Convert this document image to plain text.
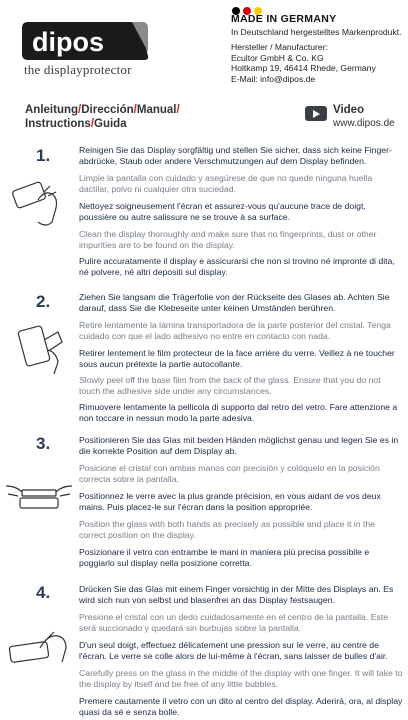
dipos
the displayprotector
MADE IN GERMANY
In Deutschland hergestelltes Markenprodukt.
Hersteller / Manufacturer:
Ecultor GmbH & Co. KG
Holtkamp 19, 46414 Rhede, Germany
E-Mail: info@dipos.de
Anleitung/Dirección/Manual/
Instructions/Guida
Video
www.dipos.de
1.	Reinigen Sie das Display sorgfältig und stellen Sie sicher, dass sich keine Finger-abdrücke, Staub oder andere Verschmutzungen auf dem Display befinden.
Limpie la pantalla con cuidado y asegúrese de que no quede ninguna huella dactilar, polvo ni cualquier otra suciedad.
Nettoyez soigneusement l'écran et assurez-vous qu'aucune trace de doigt, poussière ou autre salissure ne se trouve à sa surface.
Clean the display thoroughly and make sure that no fingerprints, dust or other impurities are to be found on the display.
Pulire accuratamente il display e assicurarsi che non si trovino né impronte di dita, né polvere, né altri depositi sul display.
2.	Ziehen Sie langsam die Trägerfolie von der Rückseite des Glases ab. Achten Sie darauf, dass Sie die Klebeseite unter keinen Umständen berühren.
Retire lentamente la lámina transportadora de la parte posterior del cristal. Tenga cuidado con que el lado adhesivo no entre en contacto con nada.
Retirer lentement le film protecteur de la face arrière du verre. Veillez à ne toucher sous aucun prétexte la partie autocollante.
Slowly peel off the base film from the back of the glass. Ensure that you do not touch the adhesive side under any circumstances.
Rimuovere lentamente la pellicola di supporto dal retro del vetro. Fare attenzione a non toccare in nessun modo la parte adesiva.
3.	Positionieren Sie das Glas mit beiden Händen möglichst genau und legen Sie es in die korrekte Position auf dem Display ab.
Posicione el cristal con ambas manos con precisión y colóquelo en la posición correcta sobre la pantalla.
Positionnez le verre avec la plus grande précision, en vous aidant de vos deux mains. Puis placez-le sur l'écran dans la position appropriée.
Position the glass with both hands as precisely as possible and place it in the correct position on the display.
Posizionare il vetro con entrambe le mani in maniera più precisa possibile e poggiarlo sul display nella posizione corretta.
4.	Drücken Sie das Glas mit einem Finger vorsichtig in der Mitte des Displays an. Es wird sich nun von selbst und blasenfrei an das Display festsaugen.
Presione el cristal con un dedo cuidadosamente en el centro de la pantalla. Este será succionado y quedará sin burbujas sobre la pantalla.
D'un seul doigt, effectuez délicatement une pression sur le verre, au centre de l'écran. Le verre se colle alors de lui-même à l'écran, sans laisser de bulles d'air.
Carefully press on the glass in the middle of the display with one finger. It will take to the display by itself and be free of any little bubbles.
Premere cautamente il vetro con un dito al centro del display. Aderirà, ora, al display quasi da sé e senza bolle.
